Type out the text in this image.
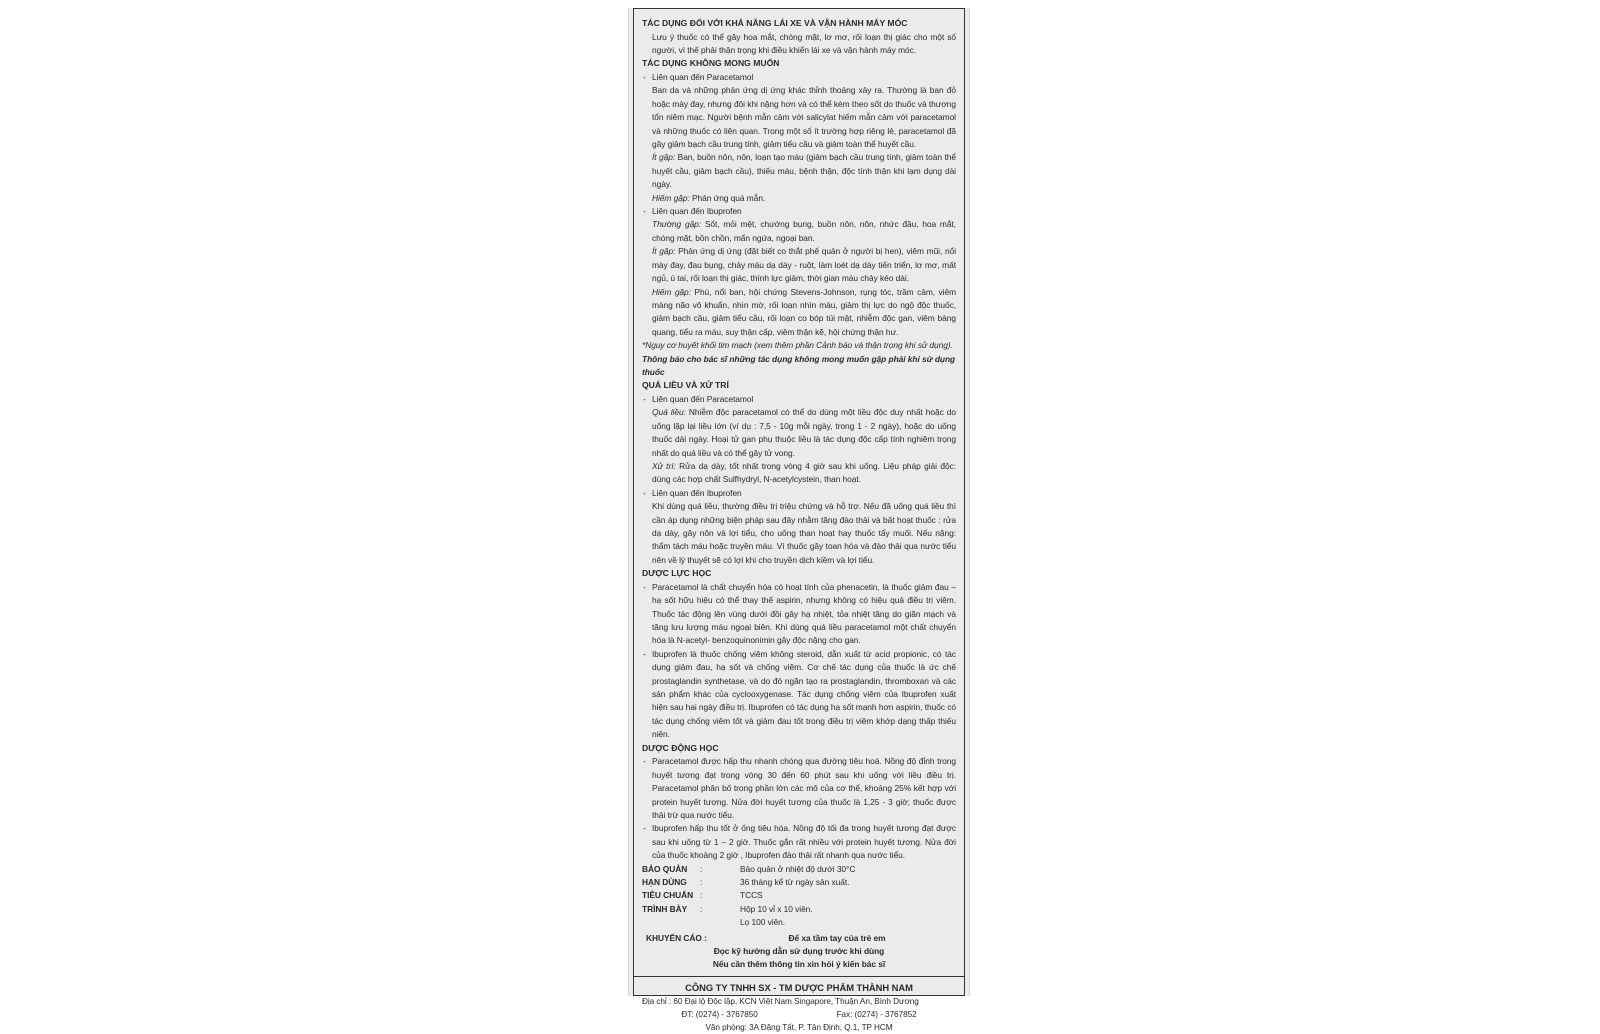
TÁC DỤNG ĐỐI VỚI KHẢ NĂNG LÁI XE VÀ VẬN HÀNH MÁY MÓC
Lưu ý thuốc có thể gây hoa mắt, chóng mặt, lơ mơ, rối loạn thị giác cho một số người, vì thế phải thận trọng khi điều khiển lái xe và vận hành máy móc.
TÁC DỤNG KHÔNG MONG MUỐN
- Liên quan đến Paracetamol
Ban da và những phản ứng dị ứng khác thỉnh thoảng xảy ra. Thường là ban đỏ hoặc mày đay, nhưng đôi khi nặng hơn và có thể kèm theo sốt do thuốc và thương tổn niêm mạc. Người bệnh mẫn cảm với salicylat hiếm mẫn cảm với paracetamol và những thuốc có liên quan. Trong một số ít trường hợp riêng lẻ, paracetamol đã gây giảm bạch cầu trung tính, giảm tiểu cầu và giảm toàn thể huyết cầu.
Ít gặp: Ban, buồn nôn, nôn, loạn tạo máu (giảm bạch cầu trung tính, giảm toàn thể huyết cầu, giảm bạch cầu), thiếu máu, bệnh thận, độc tính thận khi lạm dụng dài ngày.
Hiếm gặp: Phản ứng quá mẫn.
- Liên quan đến Ibuprofen
Thường gặp: Sốt, mỏi mệt, chướng bụng, buồn nôn, nôn, nhức đầu, hoa mắt, chóng mặt, bồn chồn, mẩn ngứa, ngoại ban.
Ít gặp: Phản ứng dị ứng (đặt biết co thắt phế quản ở người bị hen), viêm mũi, nổi mày đay, đau bụng, chảy máu dạ dày - ruột, làm loét dạ dày tiến triển, lơ mơ, mất ngủ, ù tai, rối loạn thị giác, thính lực giảm, thời gian máu chảy kéo dài.
Hiếm gặp: Phù, nổi ban, hội chứng Stevens-Johnson, rụng tóc, trầm cảm, viêm màng não vô khuẩn, nhìn mờ, rối loạn nhìn màu, giảm thị lực do ngộ độc thuốc, giảm bạch cầu, giảm tiểu cầu, rối loạn co bóp túi mật, nhiễm độc gan, viêm bàng quang, tiểu ra máu, suy thận cấp, viêm thận kẽ, hội chứng thận hư.
*Nguy cơ huyết khối tim mạch (xem thêm phần Cảnh báo và thận trọng khi sử dụng).
Thông báo cho bác sĩ những tác dụng không mong muốn gặp phải khi sử dụng thuốc
QUÁ LIỀU VÀ XỬ TRÍ
- Liên quan đến Paracetamol
Quá liều: Nhiễm độc paracetamol có thể do dùng một liều độc duy nhất hoặc do uống lặp lại liều lớn (ví dụ : 7,5 - 10g mỗi ngày, trong 1 - 2 ngày), hoặc do uống thuốc dài ngày. Hoại tử gan phụ thuộc liều là tác dụng độc cấp tính nghiêm trọng nhất do quá liều và có thể gây tử vong.
Xử trí: Rửa dạ dày, tốt nhất trong vòng 4 giờ sau khi uống. Liệu pháp giải độc: dùng các hợp chất Sulfhydryl, N-acetylcystein, than hoạt.
- Liên quan đến Ibuprofen
Khi dùng quá liều, thường điều trị triệu chứng và hỗ trợ. Nếu đã uống quá liều thì cần áp dụng những biện pháp sau đây nhằm tăng đào thải và bất hoạt thuốc : rửa dạ dày, gây nôn và lợi tiểu, cho uống than hoạt hay thuốc tẩy muối. Nếu nặng: thẩm tách máu hoặc truyền máu. Vì thuốc gây toan hóa và đào thải qua nước tiểu nên về lý thuyết sẽ có lợi khi cho truyền dịch kiềm và lợi tiểu.
DƯỢC LỰC HỌC
- Paracetamol là chất chuyển hóa có hoạt tính của phenacetin, là thuốc giảm đau – hạ sốt hữu hiệu có thể thay thế aspirin, nhưng không có hiệu quả điều trị viêm. Thuốc tác động lên vùng dưới đồi gây hạ nhiệt, tỏa nhiệt tăng do giãn mạch và tăng lưu lượng máu ngoại biên. Khi dùng quá liều paracetamol một chất chuyển hóa là N-acetyl- benzoquinonimin gây độc nặng cho gan.
- Ibuprofen là thuốc chống viêm không steroid, dẫn xuất từ acid propionic, có tác dụng giảm đau, hạ sốt và chống viêm. Cơ chế tác dụng của thuốc là ức chế prostaglandin synthetase, và do đó ngăn tạo ra prostaglandin, thromboxan và các sản phẩm khác của cyclooxygenase. Tác dụng chống viêm của Ibuprofen xuất hiện sau hai ngày điều trị. Ibuprofen có tác dụng hạ sốt mạnh hơn aspirin, thuốc có tác dụng chống viêm tốt và giảm đau tốt trong điều trị viêm khớp dạng thấp thiếu niên.
DƯỢC ĐỘNG HỌC
- Paracetamol được hấp thu nhanh chóng qua đường tiêu hoá. Nồng độ đỉnh trong huyết tương đạt trong vòng 30 đến 60 phút sau khi uống với liều điều trị. Paracetamol phân bố trong phần lớn các mô của cơ thể, khoảng 25% kết hợp với protein huyết tương. Nửa đời huyết tương của thuốc là 1,25 - 3 giờ; thuốc được thải trừ qua nước tiểu.
- Ibuprofen hấp thu tốt ở ống tiêu hóa. Nồng độ tối đa trong huyết tương đạt được sau khi uống từ 1 – 2 giờ. Thuốc gắn rất nhiều với protein huyết tương. Nửa đời của thuốc khoảng 2 giờ , Ibuprofen đào thải rất nhanh qua nước tiểu.
BẢO QUẢN	:	Bảo quản ở nhiệt độ dưới 30°C
HẠN DÙNG	:	36 tháng kể từ ngày sản xuất.
TIÊU CHUẨN :	TCCS
TRÌNH BÀY	:	Hộp 10 vỉ x 10 viên.
Lọ 100 viên.
KHUYẾN CÁO :	Để xa tầm tay của trẻ em
Đọc kỹ hướng dẫn sử dụng trước khi dùng
Nếu cần thêm thông tin xin hỏi ý kiến bác sĩ
CÔNG TY TNHH SX - TM DƯỢC PHẨM THÀNH NAM
Địa chỉ : 60 Đại lộ Độc lập, KCN Việt Nam Singapore, Thuận An, Bình Dương
ĐT: (0274) - 3767850	Fax: (0274) - 3767852
Văn phòng: 3A Đặng Tất, P. Tân Định, Q.1, TP HCM
